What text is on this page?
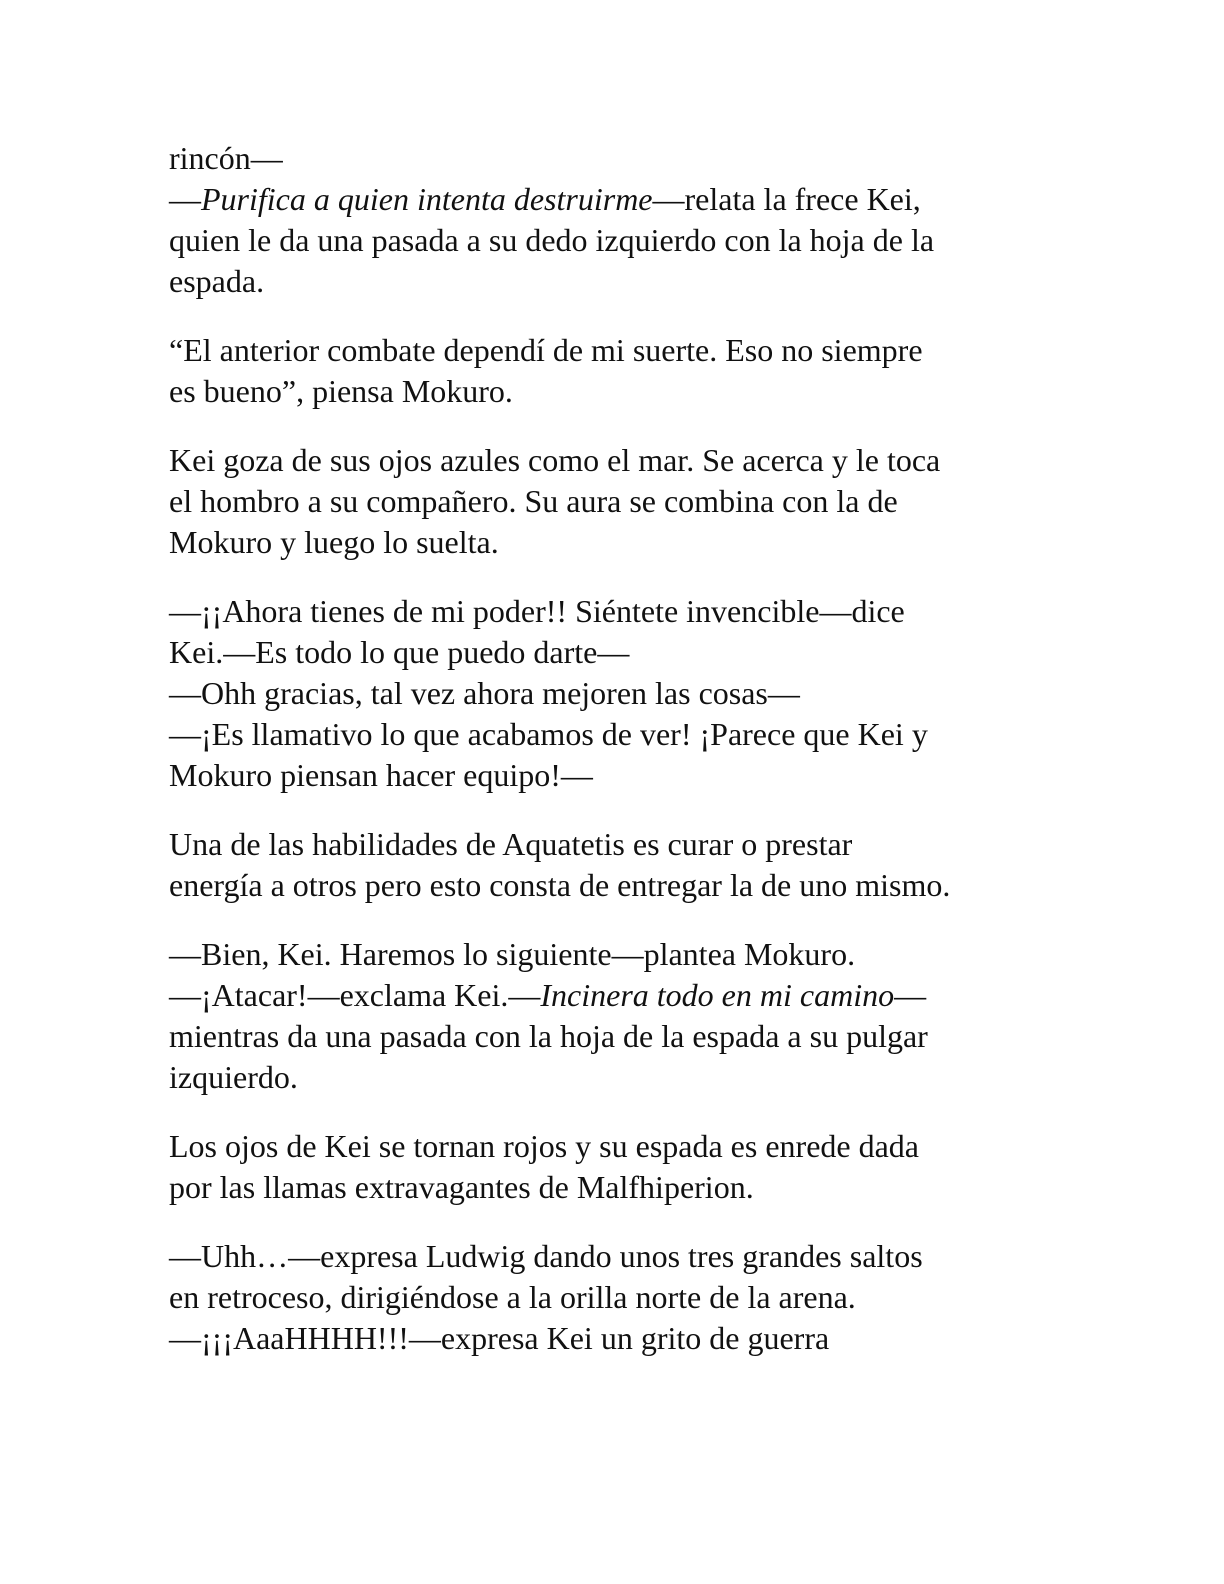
rincón—
—Purifica a quien intenta destruirme—relata la frece Kei,
quien le da una pasada a su dedo izquierdo con la hoja de la
espada.

“El anterior combate dependí de mi suerte. Eso no siempre
es bueno”, piensa Mokuro.

Kei goza de sus ojos azules como el mar. Se acerca y le toca
el hombro a su compañero. Su aura se combina con la de
Mokuro y luego lo suelta.

—¡¡Ahora tienes de mi poder!! Siéntete invencible—dice
Kei.—Es todo lo que puedo darte—
—Ohh gracias, tal vez ahora mejoren las cosas—
—¡Es llamativo lo que acabamos de ver! ¡Parece que Kei y
Mokuro piensan hacer equipo!—

Una de las habilidades de Aquatetis es curar o prestar
energía a otros pero esto consta de entregar la de uno mismo.

—Bien, Kei. Haremos lo siguiente—plantea Mokuro.
—¡Atacar!—exclama Kei.—Incinera todo en mi camino—
mientras da una pasada con la hoja de la espada a su pulgar
izquierdo.

Los ojos de Kei se tornan rojos y su espada es enrede dada
por las llamas extravagantes de Malfhiperion.

—Uhh…—expresa Ludwig dando unos tres grandes saltos
en retroceso, dirigiéndose a la orilla norte de la arena.
—¡¡¡AaaHHHH!!!—expresa Kei un grito de guerra
